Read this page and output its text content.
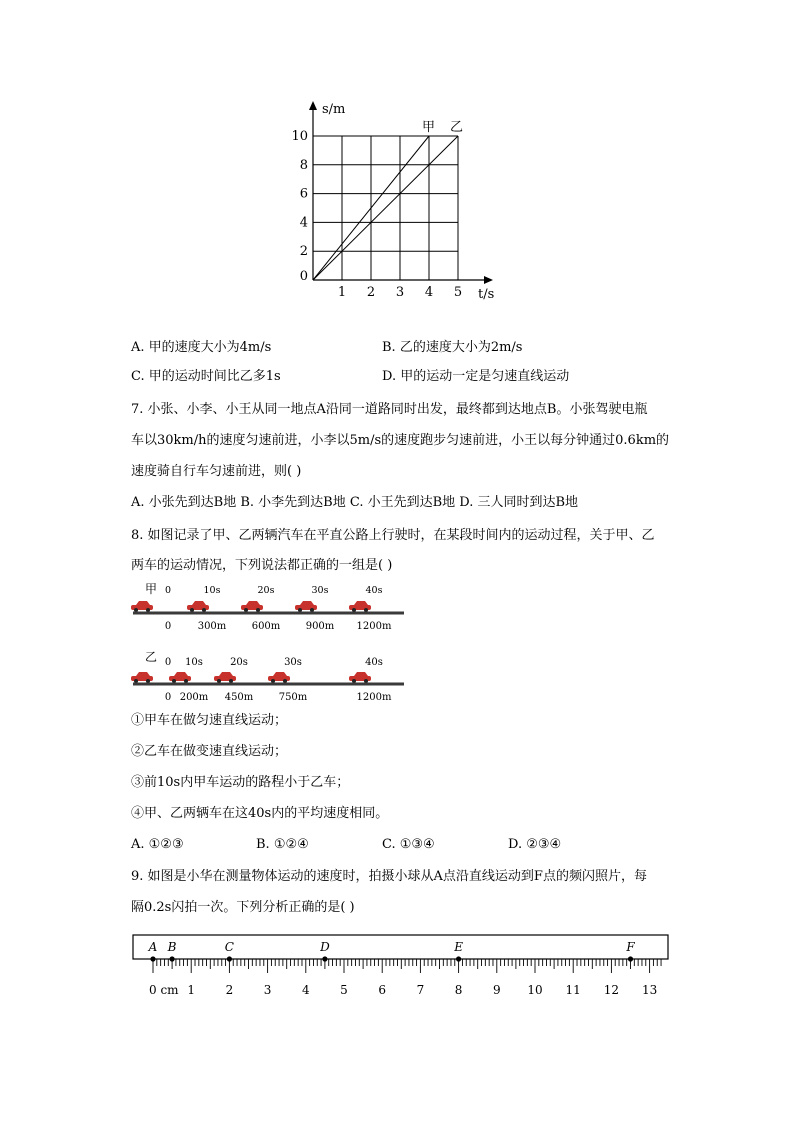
s/m
t/s
0
2
4
6
8
10
1 2 3 4 5
甲 乙
A. 甲的速度大小为4m/s	B. 乙的速度大小为2m/s
C. 甲的运动时间比乙多1s	D. 甲的运动一定是匀速直线运动
7. 小张、小李、小王从同一地点A沿同一道路同时出发，最终都到达地点B。小张驾驶电瓶
车以30km/h的速度匀速前进，小李以5m/s的速度跑步匀速前进，小王以每分钟通过0.6km的
速度骑自行车匀速前进，则( )
A. 小张先到达B地 B. 小李先到达B地 C. 小王先到达B地 D. 三人同时到达B地
8. 如图记录了甲、乙两辆汽车在平直公路上行驶时，在某段时间内的运动过程，关于甲、乙
两车的运动情况，下列说法都正确的一组是( )
甲 0	10s	20s	30s	40s
0	300m	600m	900m 1200m
乙 0 10s	20s	30s	40s
0 200m 450m	750m	1200m
①甲车在做匀速直线运动；
②乙车在做变速直线运动；
③前10s内甲车运动的路程小于乙车；
④甲、乙两辆车在这40s内的平均速度相同。
A. ①②③	B. ①②④	C. ①③④	D. ②③④
9. 如图是小华在测量物体运动的速度时，拍摄小球从A点沿直线运动到F点的频闪照片，每
隔0.2s闪拍一次。下列分析正确的是( )
A B	C	D	E	F
0 cm 1	2	3	4	5	6	7	8	9 10 11 12 13
